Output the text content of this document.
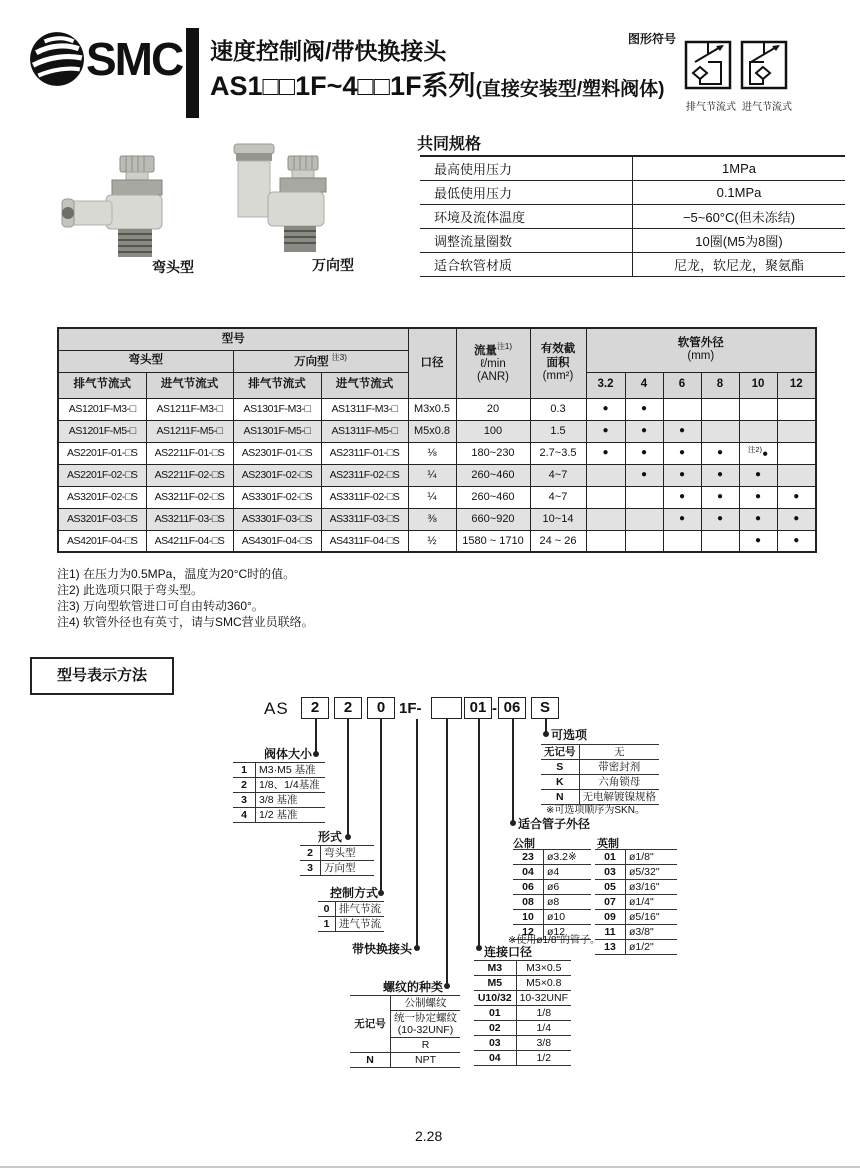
SMC 速度控制阀/带快换接头
AS1□□1F~4□□1F系列(直接安装型/塑料阀体)
图形符号
排气节流式 进气节流式
弯头型	万向型
共同规格
最高使用压力	1MPa
最低使用压力	0.1MPa
环境及流体温度	−5~60°C(但未冻结)
调整流量圈数	10圈(M5为8圈)
适合软管材质	尼龙，软尼龙，聚氨酯
型号				口径	流量$^{注1)}$
ℓ/min
(ANR)	有效截
面积
(mm²)	软管外径
(mm)					
弯头型		万向型 $^{注3)}$
排气节流式	进气节流式	排气节流式	进气节流式				3.2	4	6	8	10	12
AS1201F-M3-□	AS1211F-M3-□	AS1301F-M3-□	AS1311F-M3-□	M3x0.5	20	0.3	●	●				
AS1201F-M5-□	AS1211F-M5-□	AS1301F-M5-□	AS1311F-M5-□	M5x0.8	100	1.5	●	●	●			
AS2201F-01-□S	AS2211F-01-□S	AS2301F-01-□S	AS2311F-01-□S	⅛	180~230	2.7~3.5	●	●	●	●	$^{注2)}$●	
AS2201F-02-□S	AS2211F-02-□S	AS2301F-02-□S	AS2311F-02-□S	¼	260~460	4~7		●	●	●	●	
AS3201F-02-□S	AS3211F-02-□S	AS3301F-02-□S	AS3311F-02-□S	¼	260~460	4~7			●	●	●	●
AS3201F-03-□S	AS3211F-03-□S	AS3301F-03-□S	AS3311F-03-□S	⅜	660~920	10~14			●	●	●	●
AS4201F-04-□S	AS4211F-04-□S	AS4301F-04-□S	AS4311F-04-□S	½	1580 ~ 1710	24 ~ 26					●	●
注1) 在压力为0.5MPa，温度为20°C时的值。
注2) 此选项只限于弯头型。
注3) 万向型软管进口可自由转动360°。
注4) 软管外径也有英寸，请与SMC营业员联络。
型号表示方法
AS	2	2	0 1F-	01 - 06	S
阀体大小
1	M3·M5 基准
2	1/8、1/4基准
3	3/8 基准
4	1/2 基准
形式
2	弯头型
3	万向型
控制方式
0	排气节流
1	进气节流
带快换接头
螺纹的种类
无记号	公制螺纹
	统一协定螺纹
(10-32UNF)
	R
N	NPT
连接口径
M3	M3×0.5
M5	M5×0.8
U10/32	10-32UNF
01	1/8
02	1/4
03	3/8
04	1/2
适合管子外径
公制
23	ø3.2※
04	ø4
06	ø6
08	ø8
10	ø10
12	ø12
※使用ø1/8"的管子。
英制
01	ø1/8"
03	ø5/32"
05	ø3/16"
07	ø1/4"
09	ø5/16"
11	ø3/8"
13	ø1/2"
可选项
无记号	无
S	带密封剂
K	六角锁母
N	无电解镀镍规格
※可选项顺序为SKN。
2.28
